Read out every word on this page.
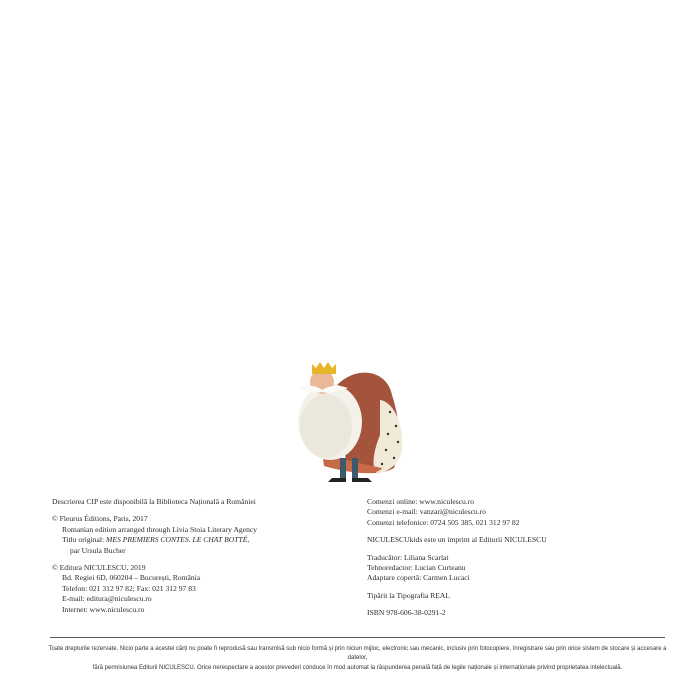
Descrierea CIP este disponibilă la Biblioteca Națională a României

© Fleurus Éditions, Paris, 2017

Romanian edition arranged through Livia Stoia Literary Agency

Titlu original: MES PREMIERS CONTES. LE CHAT BOTTÉ,

par Ursula Bucher

© Editura NICULESCU, 2019

Bd. Regiei 6D, 060204 – București, România

Telefon: 021 312 97 82; Fax: 021 312 97 83

E-mail: editura@niculescu.ro

Internet: www.niculescu.ro

Comenzi online: www.niculescu.ro

Comenzi e-mail: vanzari@niculescu.ro

Comenzi telefonice: 0724 505 385, 021 312 97 82

NICULESCUkids este un imprint al Editurii NICULESCU

Traducător: Liliana Scarlat

Tehnoredactor: Lucian Curteanu

Adaptare copertă: Carmen Lucaci

Tipărit la Tipografia REAL

ISBN 978-606-38-0291-2

Toate drepturile rezervate. Nicio parte a acestei cărți nu poate fi reprodusă sau transmisă sub nicio formă și prin niciun mijloc, electronic sau mecanic, inclusiv prin fotocopiere, înregistrare sau prin orice sistem de stocare și accesare a datelor,

fără permisiunea Editurii NICULESCU. Orice nerespectare a acestor prevederi conduce în mod automat la răspunderea penală față de legile naționale și internaționale privind proprietatea intelectuală.
